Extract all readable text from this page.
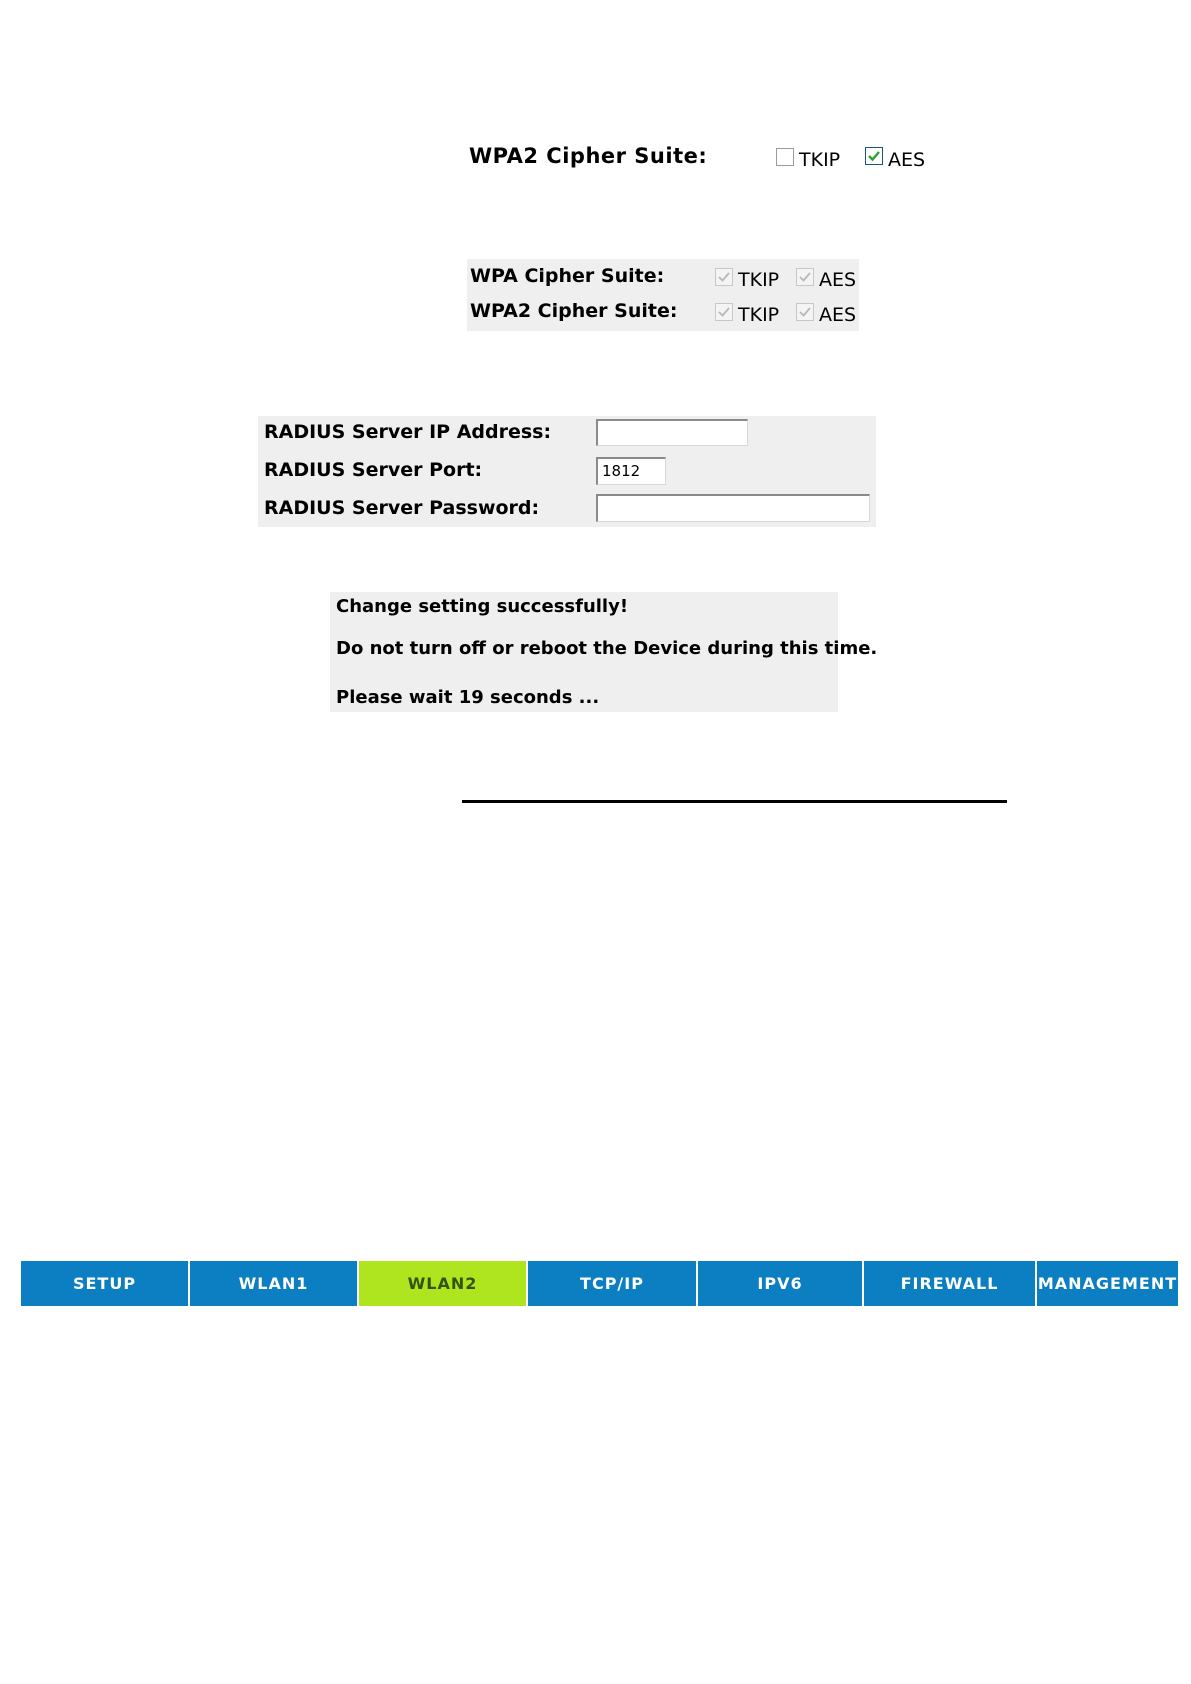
WPA2 Cipher Suite:	TKIP	AES
WPA Cipher Suite:	TKIP AES
WPA2 Cipher Suite:	TKIP AES
RADIUS Server IP Address:
RADIUS Server Port:	1812
RADIUS Server Password:
Change setting successfully!
Do not turn off or reboot the Device during this time.
Please wait 19 seconds ...
SETUP	WLAN1	WLAN2	TCP/IP	IPV6	FIREWALL	MANAGEMENT
